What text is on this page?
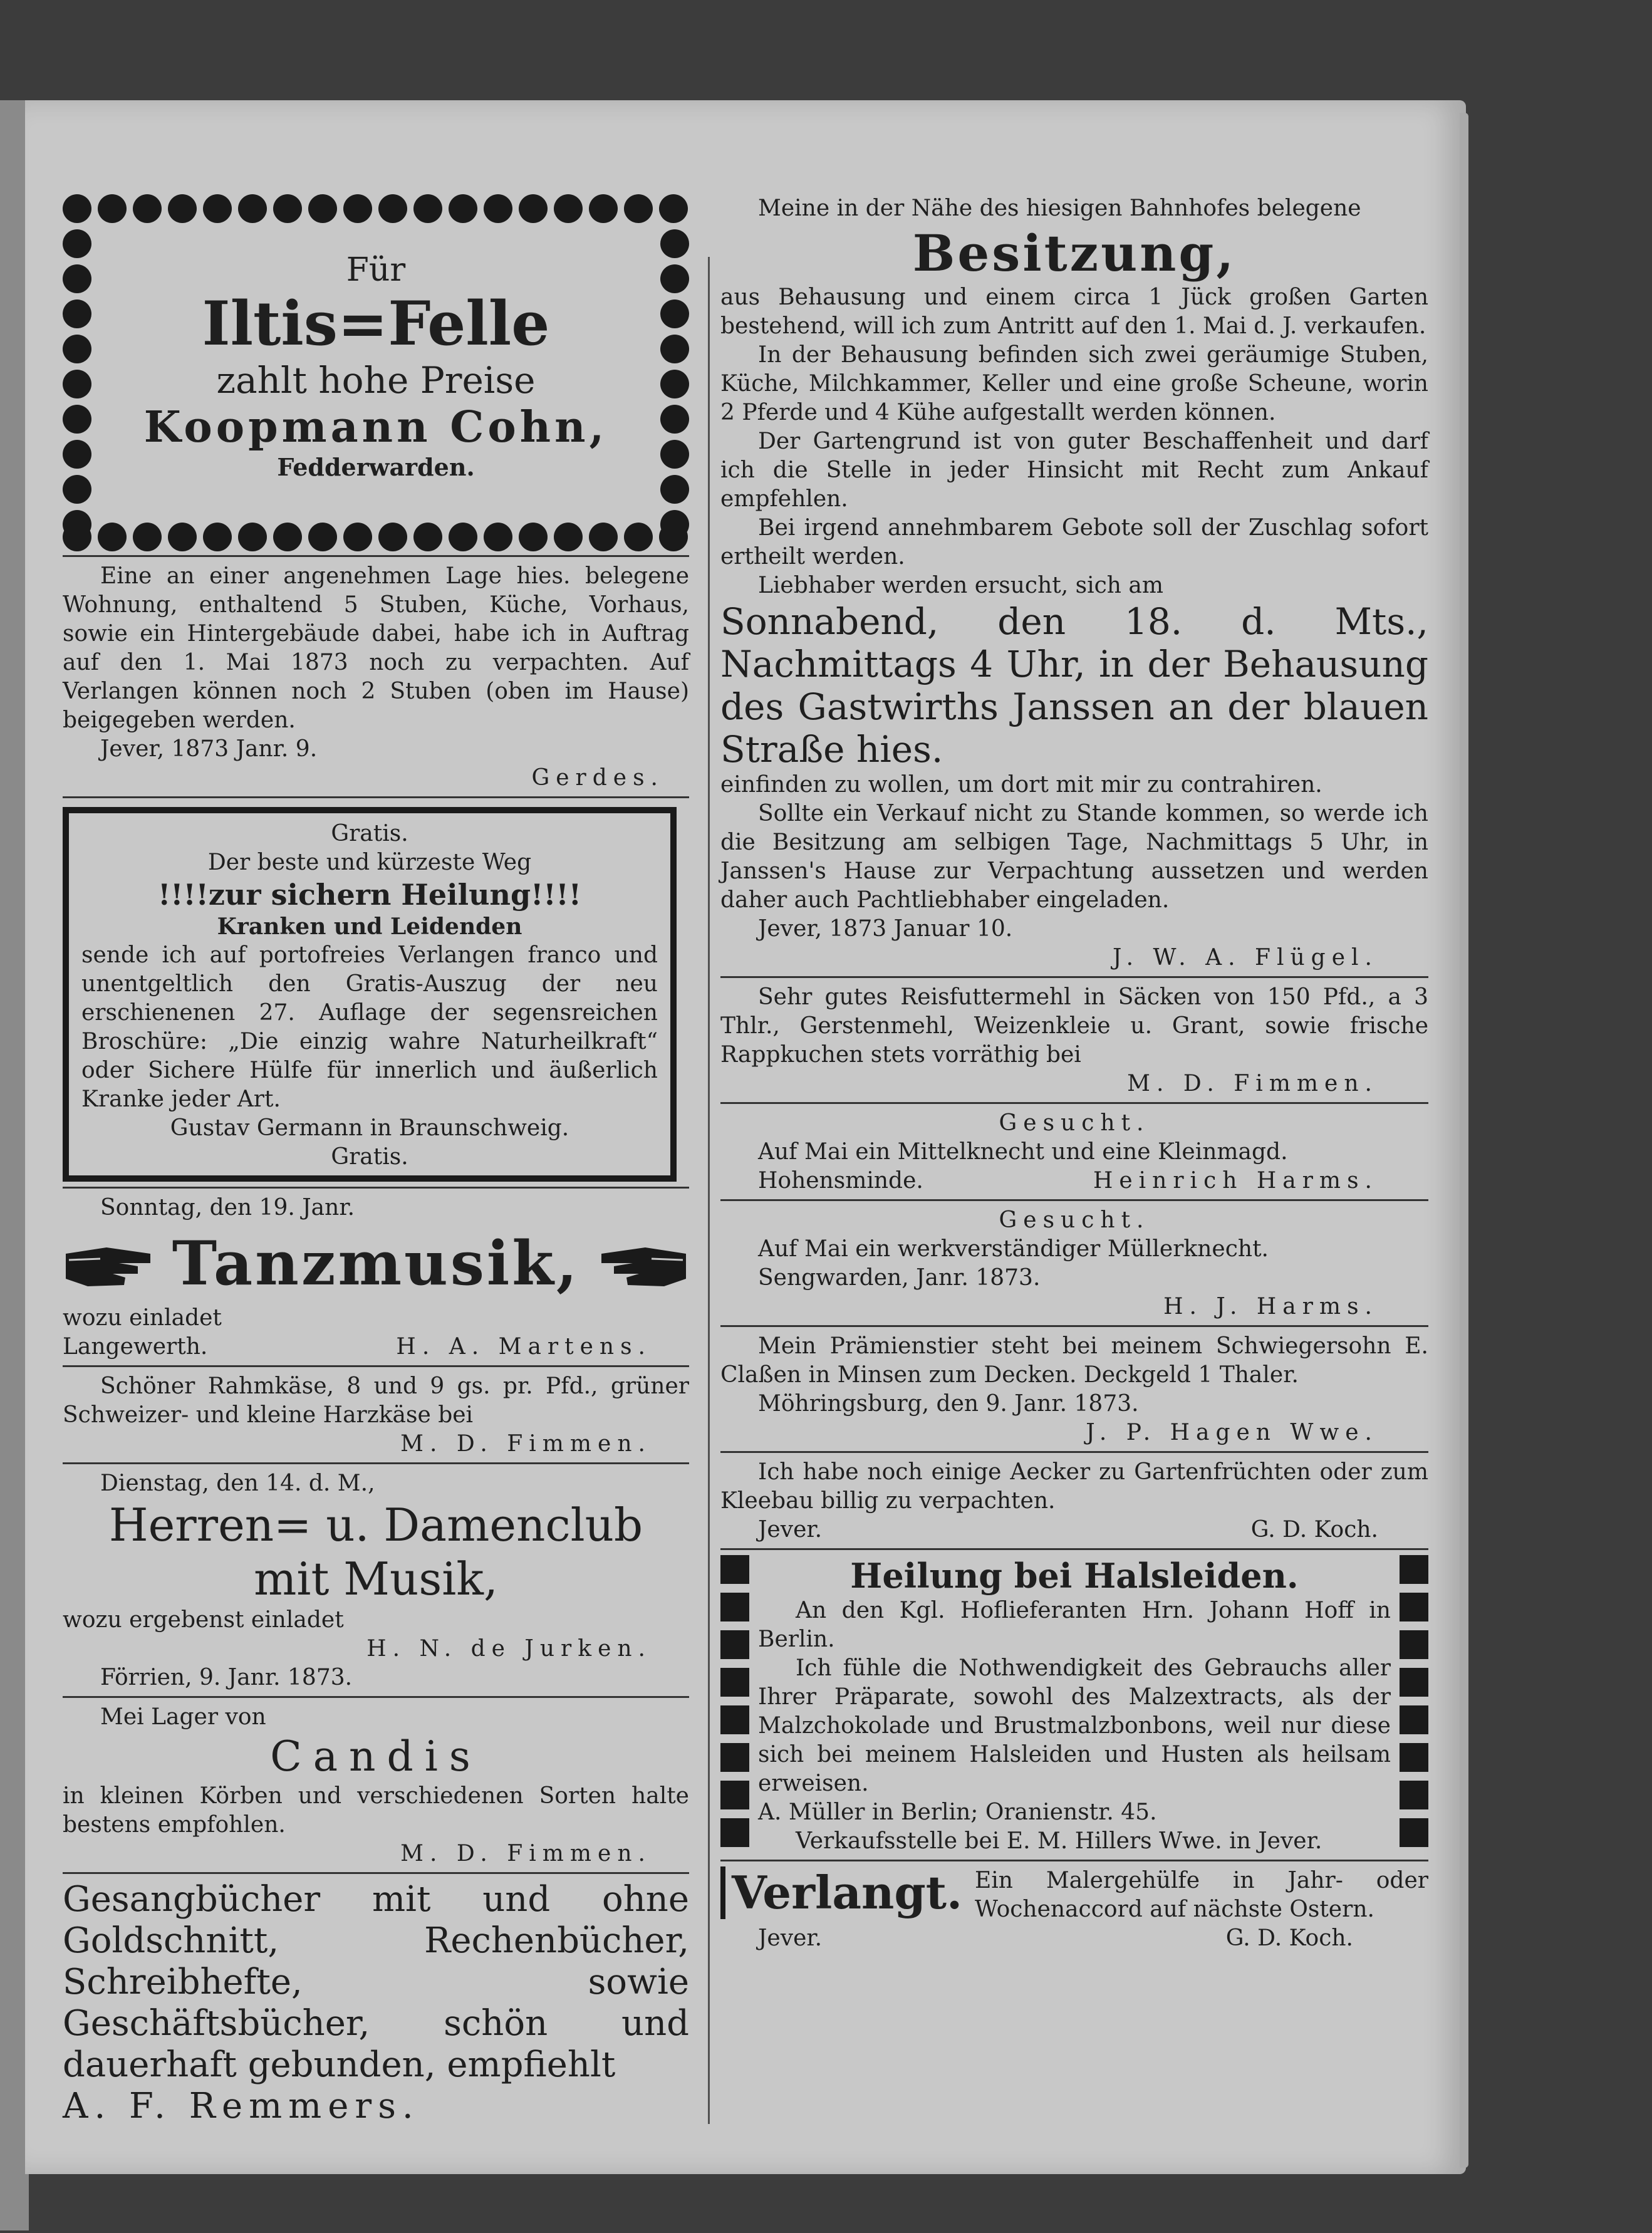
Für

Iltis=Felle

zahlt hohe Preise

Koopmann Cohn,

Fedderwarden.

Eine an einer angenehmen Lage hies. belegene Wohnung, enthaltend 5 Stuben, Küche, Vorhaus, sowie ein Hintergebäude dabei, habe ich in Auftrag auf den 1. Mai 1873 noch zu verpachten. Auf Verlangen können noch 2 Stuben (oben im Hause) beigegeben werden.

Jever, 1873 Janr. 9.

Gerdes.

Gratis.

Der beste und kürzeste Weg

!!!!zur sichern Heilung!!!!

Kranken und Leidenden

sende ich auf portofreies Verlangen franco und unentgeltlich den Gratis-Auszug der neu erschienenen 27. Auflage der segensreichen Broschüre: „Die einzig wahre Naturheilkraft“ oder Sichere Hülfe für innerlich und äußerlich Kranke jeder Art.

Gustav Germann in Braunschweig.

Gratis.

Sonntag, den 19. Janr.

Tanzmusik,

wozu einladet

Langewerth.	H. A. Martens.

Schöner Rahmkäse, 8 und 9 gs. pr. Pfd., grüner Schweizer- und kleine Harzkäse bei

M. D. Fimmen.

Dienstag, den 14. d. M.,

Herren= u. Damenclub

mit Musik,

wozu ergebenst einladet

H. N. de Jurken.

Förrien, 9. Janr. 1873.

Mei Lager von

Candis

in kleinen Körben und verschiedenen Sorten halte bestens empfohlen.

M. D. Fimmen.

Gesangbücher mit und ohne Goldschnitt, Rechenbücher, Schreibhefte, sowie Geschäftsbücher, schön und dauerhaft gebunden, empfiehlt

A. F. Remmers.

Meine in der Nähe des hiesigen Bahnhofes belegene

Besitzung,

aus Behausung und einem circa 1 Jück großen Garten bestehend, will ich zum Antritt auf den 1. Mai d. J. verkaufen.

In der Behausung befinden sich zwei geräumige Stuben, Küche, Milchkammer, Keller und eine große Scheune, worin 2 Pferde und 4 Kühe aufgestallt werden können.

Der Gartengrund ist von guter Beschaffenheit und darf ich die Stelle in jeder Hinsicht mit Recht zum Ankauf empfehlen.

Bei irgend annehmbarem Gebote soll der Zuschlag sofort ertheilt werden.

Liebhaber werden ersucht, sich am

Sonnabend, den 18. d. Mts., Nachmittags 4 Uhr, in der Behausung des Gastwirths Janssen an der blauen Straße hies.

einfinden zu wollen, um dort mit mir zu contrahiren.

Sollte ein Verkauf nicht zu Stande kommen, so werde ich die Besitzung am selbigen Tage, Nachmittags 5 Uhr, in Janssen's Hause zur Verpachtung aussetzen und werden daher auch Pachtliebhaber eingeladen.

Jever, 1873 Januar 10.

J. W. A. Flügel.

Sehr gutes Reisfuttermehl in Säcken von 150 Pfd., a 3 Thlr., Gerstenmehl, Weizenkleie u. Grant, sowie frische Rappkuchen stets vorräthig bei

M. D. Fimmen.

Gesucht.

Auf Mai ein Mittelknecht und eine Kleinmagd.

Hohensminde.	Heinrich Harms.

Gesucht.

Auf Mai ein werkverständiger Müllerknecht.

Sengwarden, Janr. 1873.

H. J. Harms.

Mein Prämienstier steht bei meinem Schwiegersohn E. Claßen in Minsen zum Decken. Deckgeld 1 Thaler.

Möhringsburg, den 9. Janr. 1873.

J. P. Hagen Wwe.

Ich habe noch einige Aecker zu Gartenfrüchten oder zum Kleebau billig zu verpachten.

Jever.	G. D. Koch.

Heilung bei Halsleiden.

An den Kgl. Hoflieferanten Hrn. Johann Hoff in Berlin.

Ich fühle die Nothwendigkeit des Gebrauchs aller Ihrer Präparate, sowohl des Malzextracts, als der Malzchokolade und Brustmalzbonbons, weil nur diese sich bei meinem Halsleiden und Husten als heilsam erweisen.

A. Müller in Berlin; Oranienstr. 45.

Verkaufsstelle bei E. M. Hillers Wwe. in Jever.

Verlangt. Ein Malergehülfe in Jahr- oder Wochenaccord auf nächste Ostern.

Jever.	G. D. Koch.
